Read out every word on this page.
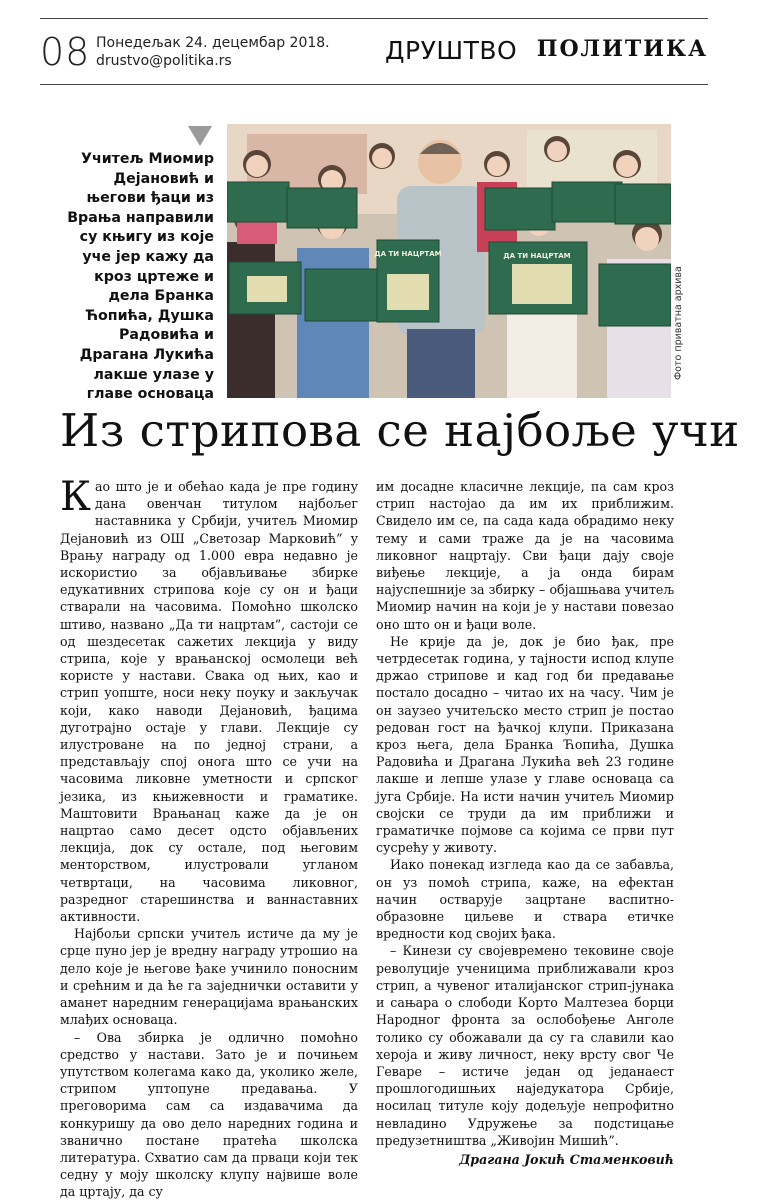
08 Понедељак 24. децембар 2018.
drustvo@politika.rs	ДРУШТВО ПОЛИТИКА
Учитељ Миомир Дејановић и његови ђаци из Врања направили су књигу из које уче јер кажу да кроз цртеже и дела Бранка Ћопића, Душка Радовића и Драгана Лукића лакше улазе у главе основаца
ДА ТИ НАЦРТАМ	ДА ТИ НАЦРТАМ
Фото приватна архива
Из стрипова се најбоље учи

Као што је и обећао када је пре годину дана овенчан титулом најбољег наставника у Србији, учитељ Миомир Дејановић из ОШ „Светозар Марковић” у Врању награду од 1.000 евра недавно је искористио за објављивање збирке едукативних стрипова које су он и ђаци стварали на часовима. Помоћно школско штиво, названо „Да ти нацртам”, састоји се од шездесетак сажетих лекција у виду стрипа, које у врањанској осмолеци већ користе у настави. Свака од њих, као и стрип уопште, носи неку поуку и закључак који, како наводи Дејановић, ђацима дуготрајно остаје у глави. Лекције су илустроване на по једној страни, а представљају спој онога што се учи на часовима ликовне уметности и српског језика, из књижевности и граматике. Маштовити Врањанац каже да је он нацртао само десет одсто објављених лекција, док су остале, под његовим менторством, илустровали угланом четвртаци, на часовима ликовног, разредног старешинства и ваннаставних активности.

Најбољи српски учитељ истиче да му је срце пуно јер је вредну награду утрошио на дело које је његове ђаке учинило поносним и срећним и да ће га заједнички оставити у аманет наредним генерацијама врањанских млађих основаца.

– Ова збирка је одлично помоћно средство у настави. Зато је и почињем упутством колегама како да, уколико желе, стрипом уптопуне предавања. У преговорима сам са издавачима да конкуришу да ово дело наредних година и званично постане пратећа школска литература. Схватио сам да прваци који тек седну у моју школску клупу највише воле да цртају, да су

им досадне класичне лекције, па сам кроз стрип настојао да им их приближим. Свидело им се, па сада када обрадимо неку тему и сами траже да је на часовима ликовног нацртају. Сви ђаци дају своје виђење лекције, а ја онда бирам најуспешније за збирку – објашњава учитељ Миомир начин на који је у настави повезао оно што он и ђаци воле.

Не крије да је, док је био ђак, пре четрдесетак година, у тајности испод клупе држао стрипове и кад год би предавање постало досадно – читао их на часу. Чим је он заузео учитељско место стрип је постао редован гост на ђачкој клупи. Приказана кроз њега, дела Бранка Ћопића, Душка Радовића и Драгана Лукића већ 23 године лакше и лепше улазе у главе основаца са југа Србије. На исти начин учитељ Миомир својски се труди да им приближи и граматичке појмове са којима се први пут сусрећу у животу.

Иако понекад изгледа као да се забавља, он уз помоћ стрипа, каже, на ефектан начин остварује зацртане васпитно-образовне циљеве и ствара етичке вредности код својих ђака.

– Кинези су својевремено тековине своје револуције ученицима приближавали кроз стрип, а чувеног италијанског стрип-јунака и сањара о слободи Корто Малтезеа борци Народног фронта за ослобођење Анголе толико су обожавали да су га славили као хероја и живу личност, некy врсту свог Че Геваре – истиче један од једанаест прошлогодишњих наједукатора Србије, носилац титуле коју додељује непрофитно невладино Удружење за подстицање предузетништва „Живојин Мишић”.

Драгана Јокић Стаменковић
